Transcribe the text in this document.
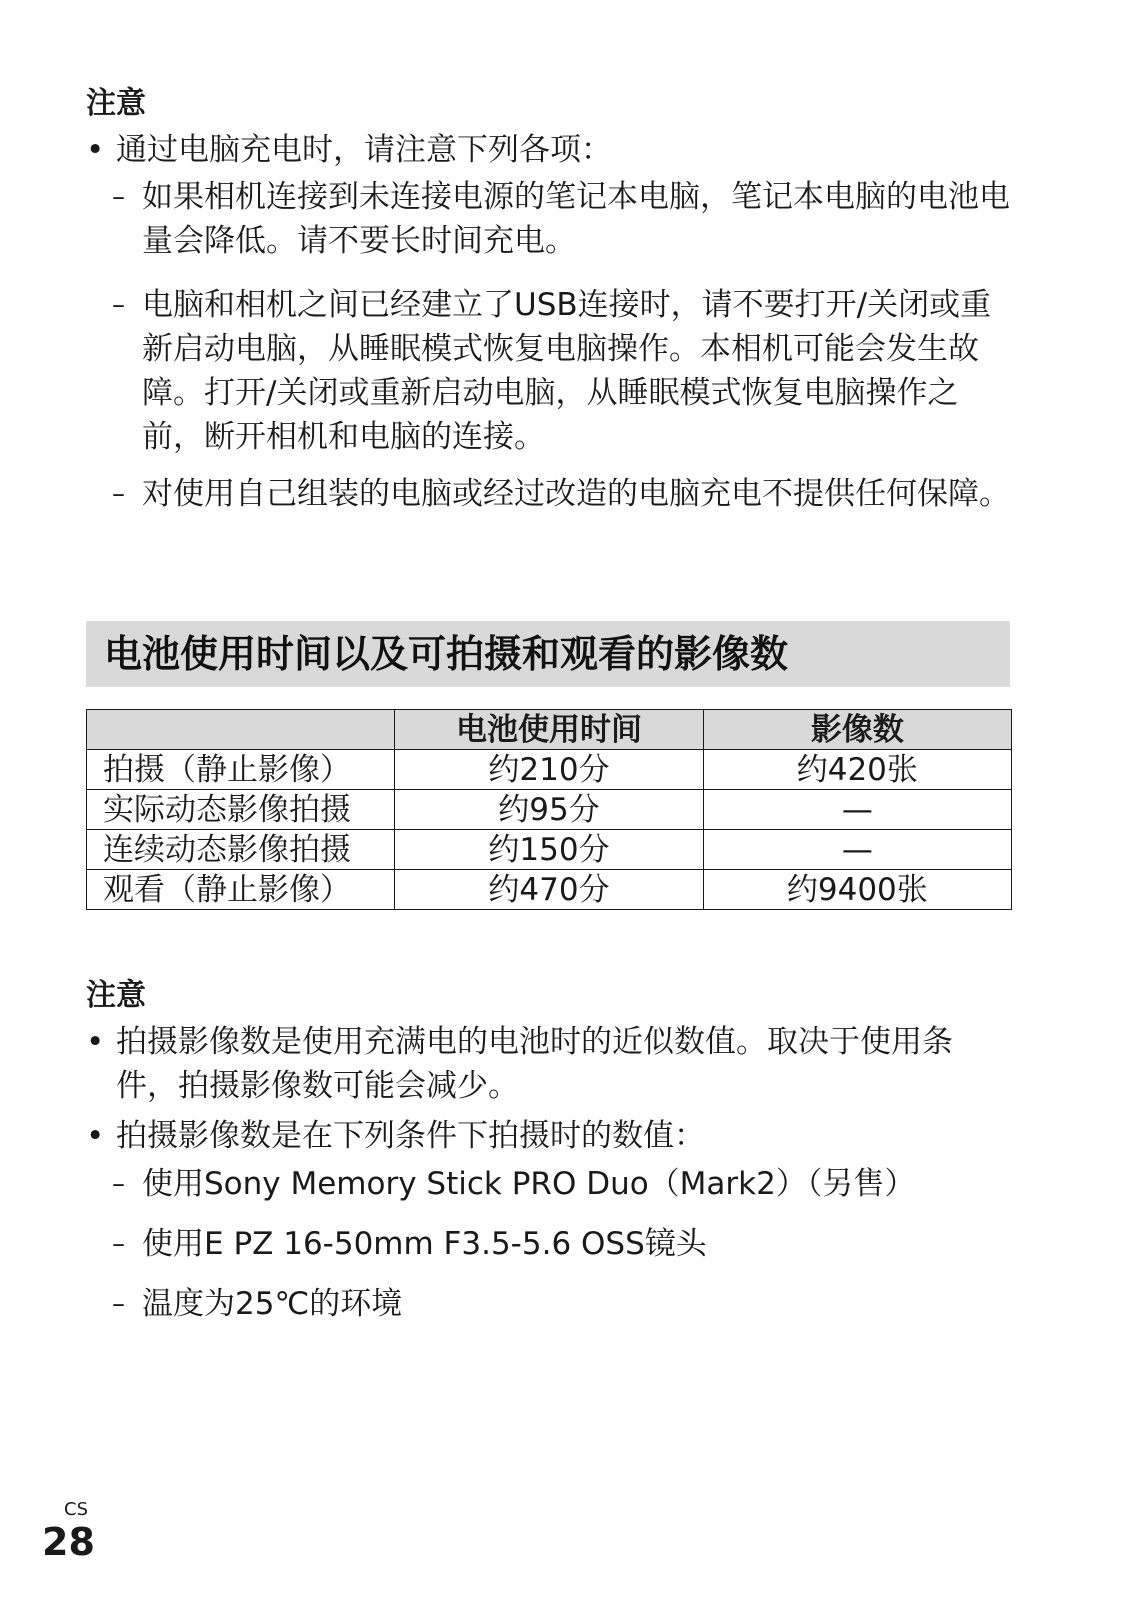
注意
• 通过电脑充电时，请注意下列各项：
– 如果相机连接到未连接电源的笔记本电脑，笔记本电脑的电池电量会降低。请不要长时间充电。
– 电脑和相机之间已经建立了USB连接时，请不要打开/关闭或重新启动电脑，从睡眠模式恢复电脑操作。本相机可能会发生故障。打开/关闭或重新启动电脑，从睡眠模式恢复电脑操作之前，断开相机和电脑的连接。
– 对使用自己组装的电脑或经过改造的电脑充电不提供任何保障。
电池使用时间以及可拍摄和观看的影像数
	电池使用时间	影像数
拍摄（静止影像）	约210分	约420张
实际动态影像拍摄	约95分	—
连续动态影像拍摄	约150分	—
观看（静止影像）	约470分	约9400张
注意
• 拍摄影像数是使用充满电的电池时的近似数值。取决于使用条件，拍摄影像数可能会减少。
• 拍摄影像数是在下列条件下拍摄时的数值：
– 使用Sony Memory Stick PRO Duo（Mark2）（另售）
– 使用E PZ 16-50mm F3.5-5.6 OSS镜头
– 温度为25℃的环境
CS
28
